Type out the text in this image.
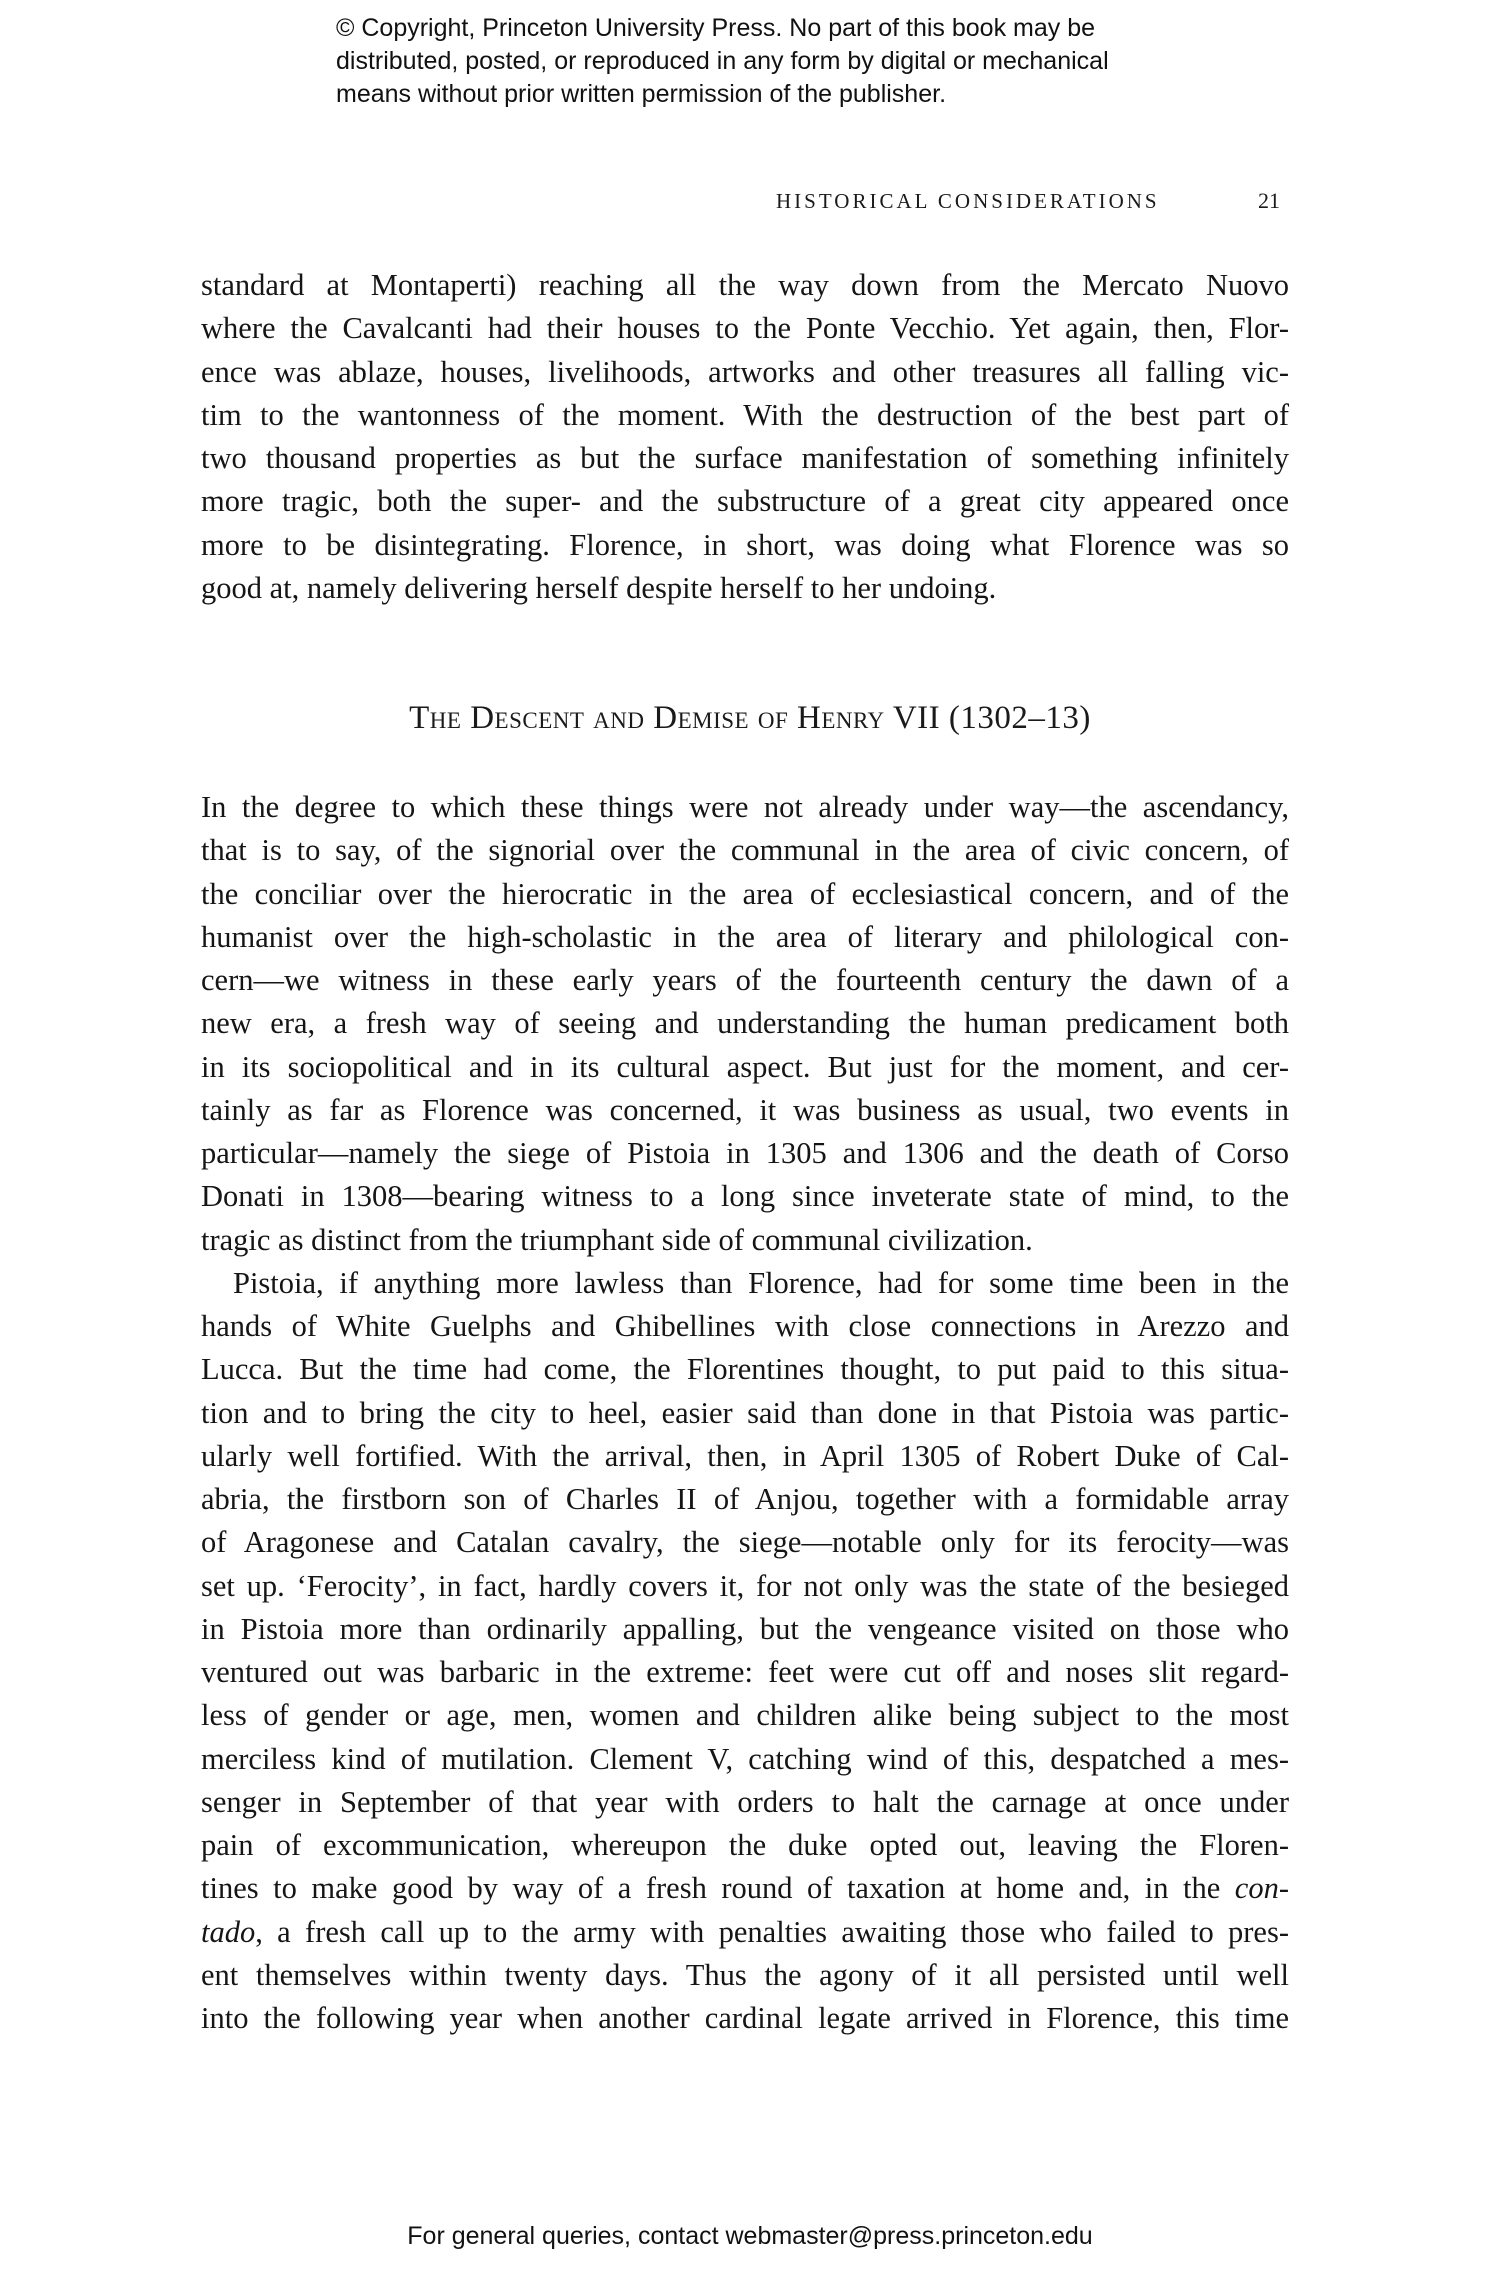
© Copyright, Princeton University Press. No part of this book may be
distributed, posted, or reproduced in any form by digital or mechanical
means without prior written permission of the publisher.
HISTORICAL CONSIDERATIONS	21
standard at Montaperti) reaching all the way down from the Mercato Nuovo
where the Cavalcanti had their houses to the Ponte Vecchio. Yet again, then, Flor-
ence was ablaze, houses, livelihoods, artworks and other treasures all falling vic-
tim to the wantonness of the moment. With the destruction of the best part of
two thousand properties as but the surface manifestation of something infinitely
more tragic, both the super- and the substructure of a great city appeared once
more to be disintegrating. Florence, in short, was doing what Florence was so
good at, namely delivering herself despite herself to her undoing.
The Descent and Demise of Henry VII (1302–13)
In the degree to which these things were not already under way—the ascendancy,
that is to say, of the signorial over the communal in the area of civic concern, of
the conciliar over the hierocratic in the area of ecclesiastical concern, and of the
humanist over the high-scholastic in the area of literary and philological con-
cern—we witness in these early years of the fourteenth century the dawn of a
new era, a fresh way of seeing and understanding the human predicament both
in its sociopolitical and in its cultural aspect. But just for the moment, and cer-
tainly as far as Florence was concerned, it was business as usual, two events in
particular—namely the siege of Pistoia in 1305 and 1306 and the death of Corso
Donati in 1308—bearing witness to a long since inveterate state of mind, to the
tragic as distinct from the triumphant side of communal civilization.
Pistoia, if anything more lawless than Florence, had for some time been in the
hands of White Guelphs and Ghibellines with close connections in Arezzo and
Lucca. But the time had come, the Florentines thought, to put paid to this situa-
tion and to bring the city to heel, easier said than done in that Pistoia was partic-
ularly well fortified. With the arrival, then, in April 1305 of Robert Duke of Cal-
abria, the firstborn son of Charles II of Anjou, together with a formidable array
of Aragonese and Catalan cavalry, the siege—notable only for its ferocity—was
set up. ‘Ferocity’, in fact, hardly covers it, for not only was the state of the besieged
in Pistoia more than ordinarily appalling, but the vengeance visited on those who
ventured out was barbaric in the extreme: feet were cut off and noses slit regard-
less of gender or age, men, women and children alike being subject to the most
merciless kind of mutilation. Clement V, catching wind of this, despatched a mes-
senger in September of that year with orders to halt the carnage at once under
pain of excommunication, whereupon the duke opted out, leaving the Floren-
tines to make good by way of a fresh round of taxation at home and, in the con-
tado, a fresh call up to the army with penalties awaiting those who failed to pres-
ent themselves within twenty days. Thus the agony of it all persisted until well
into the following year when another cardinal legate arrived in Florence, this time
For general queries, contact webmaster@press.princeton.edu
